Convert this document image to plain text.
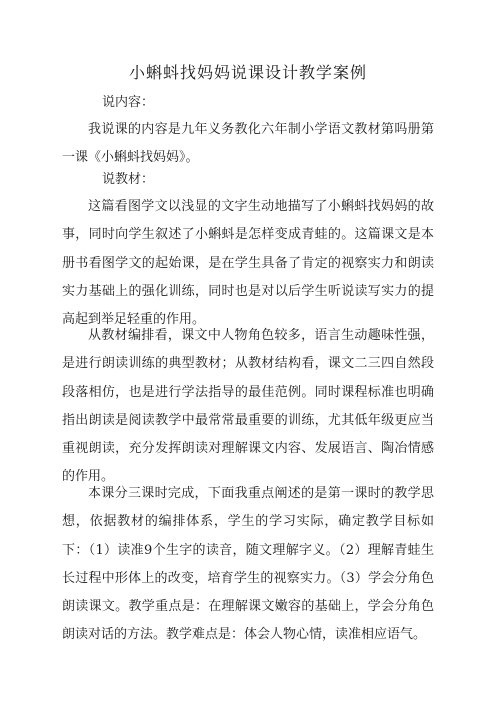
小蝌蚪找妈妈说课设计教学案例
说内容：
我说课的内容是九年义务教化六年制小学语文教材第吗册第一课《小蝌蚪找妈妈》。
说教材：
这篇看图学文以浅显的文字生动地描写了小蝌蚪找妈妈的故事，同时向学生叙述了小蝌蚪是怎样变成青蛙的。这篇课文是本册书看图学文的起始课，是在学生具备了肯定的视察实力和朗读实力基础上的强化训练，同时也是对以后学生听说读写实力的提高起到举足轻重的作用。
从教材编排看，课文中人物角色较多，语言生动趣味性强，是进行朗读训练的典型教材；从教材结构看，课文二三四自然段段落相仿，也是进行学法指导的最佳范例。同时课程标准也明确指出朗读是阅读教学中最常常最重要的训练，尤其低年级更应当重视朗读，充分发挥朗读对理解课文内容、发展语言、陶冶情感的作用。
本课分三课时完成，下面我重点阐述的是第一课时的教学思想，依据教材的编排体系，学生的学习实际，确定教学目标如下：（1）读准9个生字的读音，随文理解字义。（2）理解青蛙生长过程中形体上的改变，培育学生的视察实力。（3）学会分角色朗读课文。教学重点是：在理解课文嫩容的基础上，学会分角色朗读对话的方法。教学难点是：体会人物心情，读准相应语气。
